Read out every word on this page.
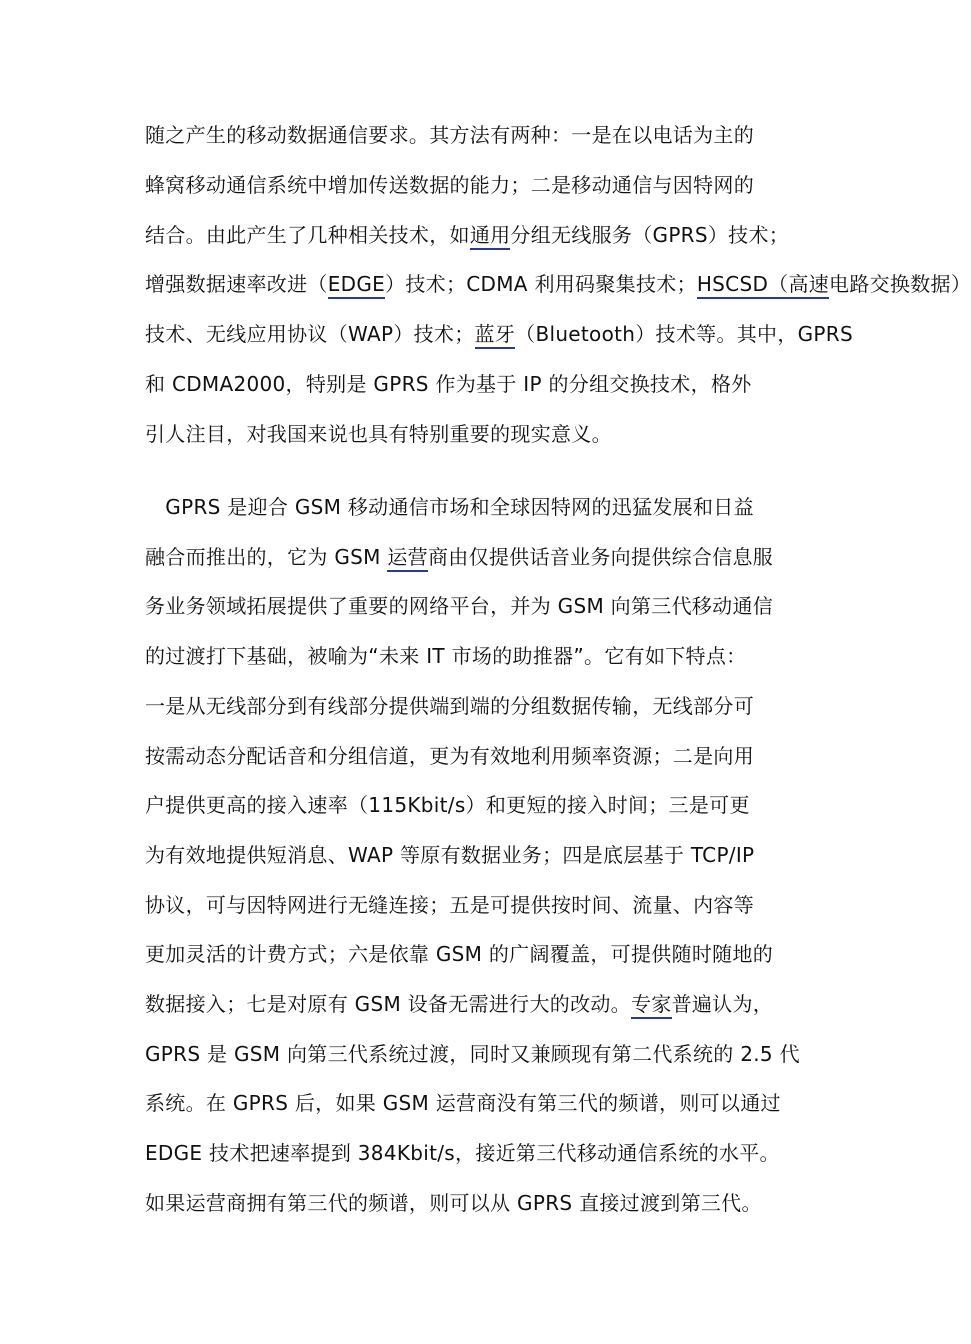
随之产生的移动数据通信要求。其方法有两种：一是在以电话为主的
蜂窝移动通信系统中增加传送数据的能力；二是移动通信与因特网的
结合。由此产生了几种相关技术，如通用分组无线服务（GPRS）技术；
增强数据速率改进（EDGE）技术；CDMA 利用码聚集技术；HSCSD（高速电路交换数据）
技术、无线应用协议（WAP）技术；蓝牙（Bluetooth）技术等。其中，GPRS
和 CDMA2000，特别是 GPRS 作为基于 IP 的分组交换技术，格外
引人注目，对我国来说也具有特别重要的现实意义。
　GPRS 是迎合 GSM 移动通信市场和全球因特网的迅猛发展和日益
融合而推出的，它为 GSM 运营商由仅提供话音业务向提供综合信息服
务业务领域拓展提供了重要的网络平台，并为 GSM 向第三代移动通信
的过渡打下基础，被喻为“未来 IT 市场的助推器”。它有如下特点：
一是从无线部分到有线部分提供端到端的分组数据传输，无线部分可
按需动态分配话音和分组信道，更为有效地利用频率资源；二是向用
户提供更高的接入速率（115Kbit/s）和更短的接入时间；三是可更
为有效地提供短消息、WAP 等原有数据业务；四是底层基于 TCP/IP
协议，可与因特网进行无缝连接；五是可提供按时间、流量、内容等
更加灵活的计费方式；六是依靠 GSM 的广阔覆盖，可提供随时随地的
数据接入；七是对原有 GSM 设备无需进行大的改动。专家普遍认为，
GPRS 是 GSM 向第三代系统过渡，同时又兼顾现有第二代系统的 2.5 代
系统。在 GPRS 后，如果 GSM 运营商没有第三代的频谱，则可以通过
EDGE 技术把速率提到 384Kbit/s，接近第三代移动通信系统的水平。
如果运营商拥有第三代的频谱，则可以从 GPRS 直接过渡到第三代。
